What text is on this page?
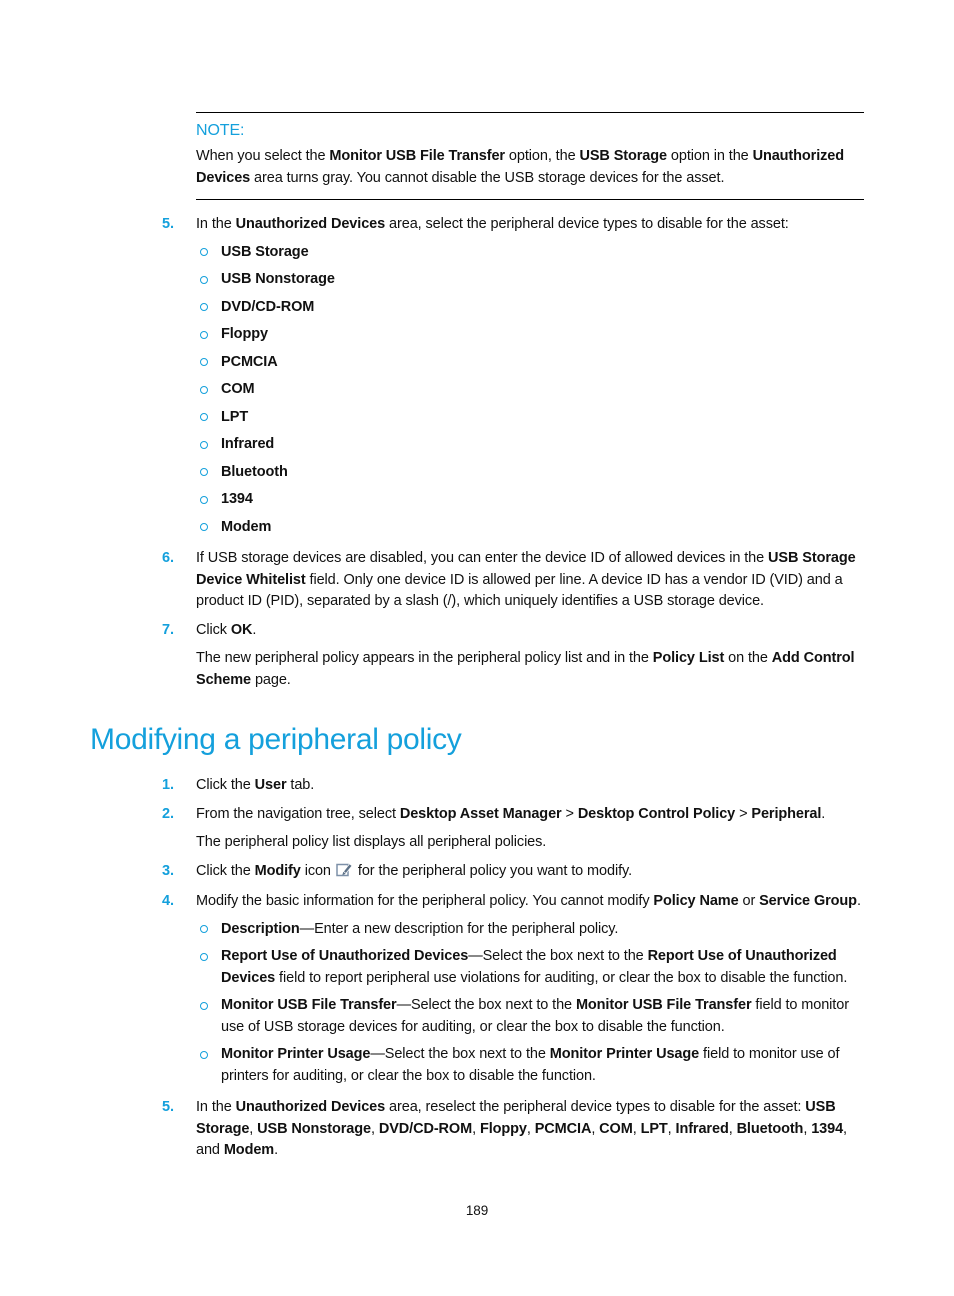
NOTE:

When you select the Monitor USB File Transfer option, the USB Storage option in the Unauthorized Devices area turns gray. You cannot disable the USB storage devices for the asset.

5.	In the Unauthorized Devices area, select the peripheral device types to disable for the asset:

USB Storage
USB Nonstorage
DVD/CD-ROM
Floppy
PCMCIA
COM
LPT
Infrared
Bluetooth
1394
Modem
6.	If USB storage devices are disabled, you can enter the device ID of allowed devices in the USB Storage Device Whitelist field. Only one device ID is allowed per line. A device ID has a vendor ID (VID) and a product ID (PID), separated by a slash (/), which uniquely identifies a USB storage device.

7.	Click OK.

The new peripheral policy appears in the peripheral policy list and in the Policy List on the Add Control Scheme page.

Modifying a peripheral policy
1.	Click the User tab.

2.	From the navigation tree, select Desktop Asset Manager > Desktop Control Policy > Peripheral.

The peripheral policy list displays all peripheral policies.

3.	Click the Modify icon for the peripheral policy you want to modify.

4.	Modify the basic information for the peripheral policy. You cannot modify Policy Name or Service Group.

Description—Enter a new description for the peripheral policy.
Report Use of Unauthorized Devices—Select the box next to the Report Use of Unauthorized Devices field to report peripheral use violations for auditing, or clear the box to disable the function.
Monitor USB File Transfer—Select the box next to the Monitor USB File Transfer field to monitor use of USB storage devices for auditing, or clear the box to disable the function.
Monitor Printer Usage—Select the box next to the Monitor Printer Usage field to monitor use of printers for auditing, or clear the box to disable the function.
5.	In the Unauthorized Devices area, reselect the peripheral device types to disable for the asset: USB Storage, USB Nonstorage, DVD/CD-ROM, Floppy, PCMCIA, COM, LPT, Infrared, Bluetooth, 1394, and Modem.

189
